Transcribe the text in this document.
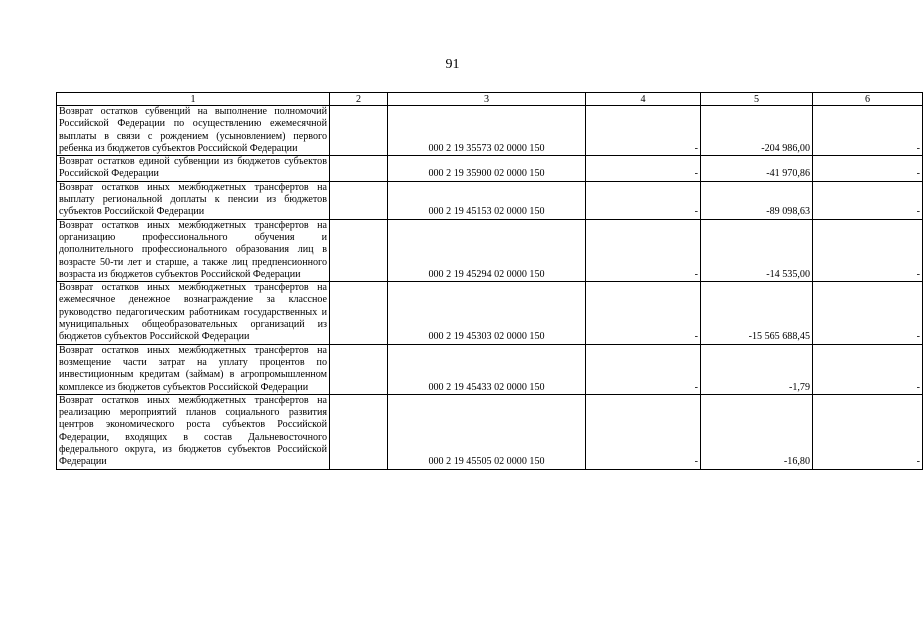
91
1	2	3	4	5	6
Возврат остатков субвенций на выполнение полномочий Российской Федерации по осуществлению ежемесячной выплаты в связи с рождением (усыновлением) первого ребенка из бюджетов субъектов Российской Федерации		000 2 19 35573 02 0000 150	-	-204 986,00	-
Возврат остатков единой субвенции из бюджетов субъектов Российской Федерации		000 2 19 35900 02 0000 150	-	-41 970,86	-
Возврат остатков иных межбюджетных трансфертов на выплату региональной доплаты к пенсии из бюджетов субъектов Российской Федерации		000 2 19 45153 02 0000 150	-	-89 098,63	-
Возврат остатков иных межбюджетных трансфертов на организацию профессионального обучения и дополнительного профессионального образования лиц в возрасте 50-ти лет и старше, а также лиц предпенсионного возраста из бюджетов субъектов Российской Федерации		000 2 19 45294 02 0000 150	-	-14 535,00	-
Возврат остатков иных межбюджетных трансфертов на ежемесячное денежное вознаграждение за классное руководство педагогическим работникам государственных и муниципальных общеобразовательных организаций из бюджетов субъектов Российской Федерации		000 2 19 45303 02 0000 150	-	-15 565 688,45	-
Возврат остатков иных межбюджетных трансфертов на возмещение части затрат на уплату процентов по инвестиционным кредитам (займам) в агропромышленном комплексе из бюджетов субъектов Российской Федерации		000 2 19 45433 02 0000 150	-	-1,79	-
Возврат остатков иных межбюджетных трансфертов на реализацию мероприятий планов социального развития центров экономического роста субъектов Российской Федерации, входящих в состав Дальневосточного федерального округа, из бюджетов субъектов Российской Федерации		000 2 19 45505 02 0000 150	-	-16,80	-
